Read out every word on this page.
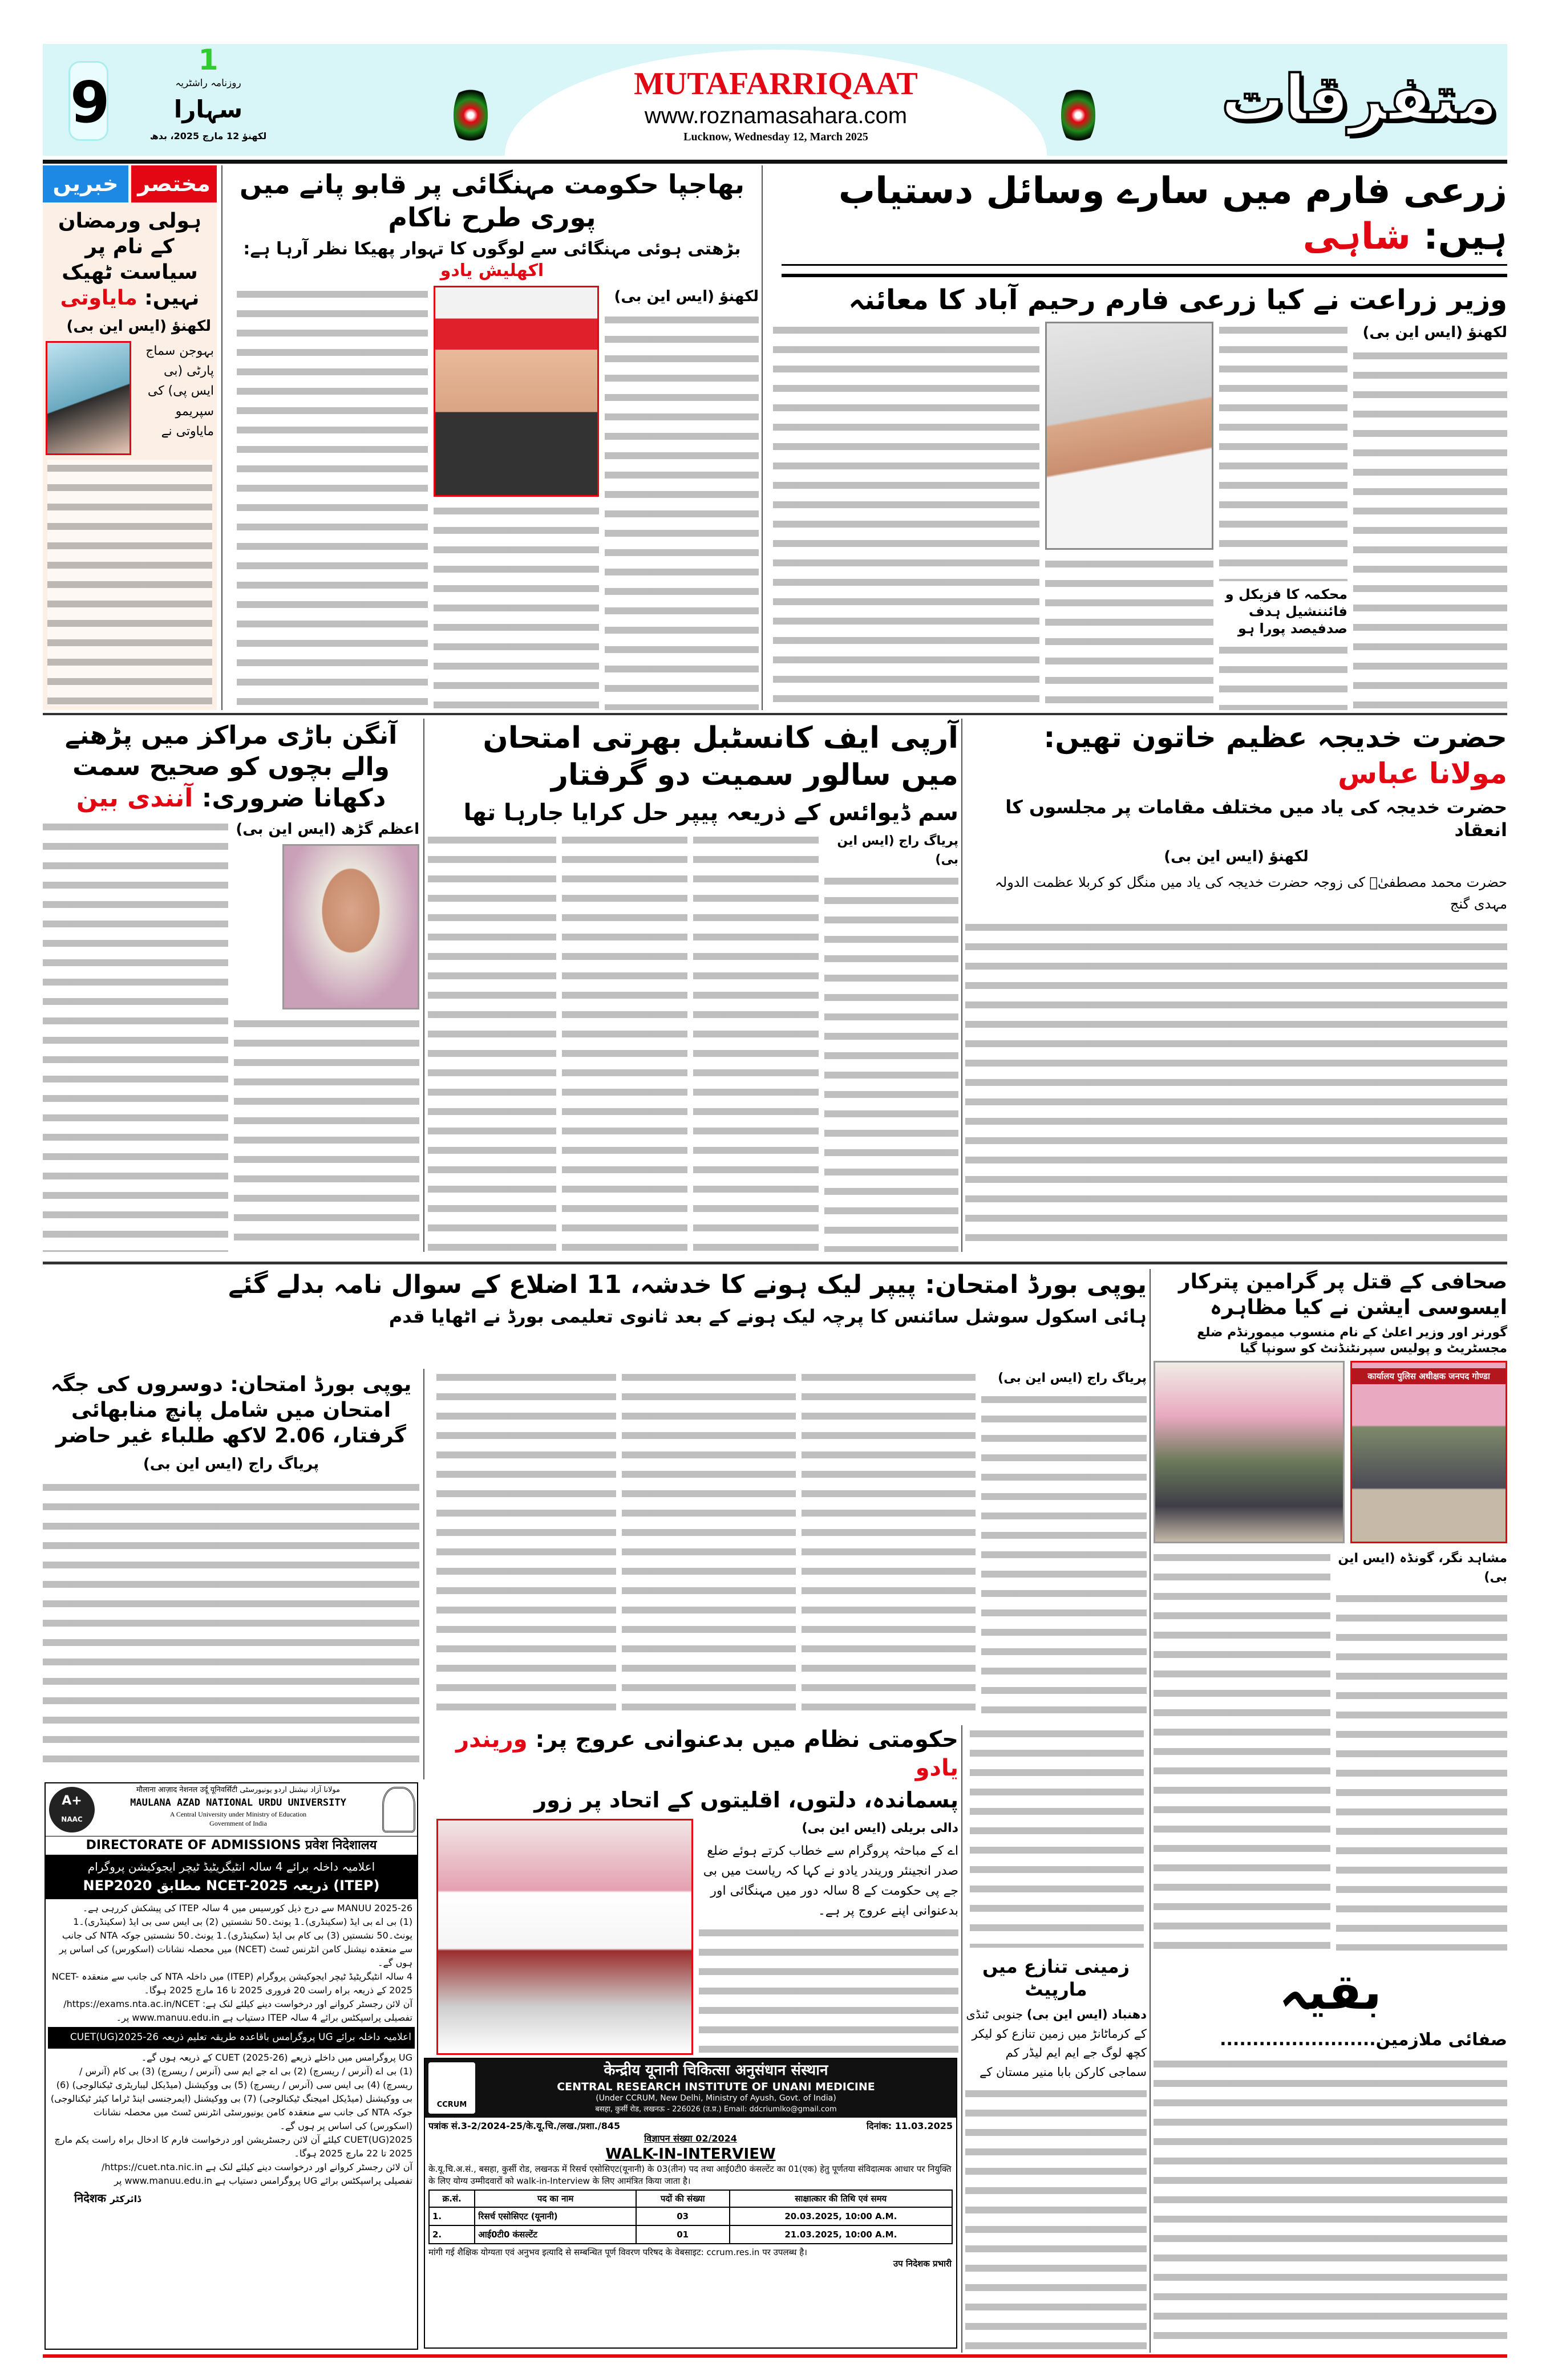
9
1
روزنامہ راشٹریہ
سہارا
لکھنؤ 12 مارچ 2025، بدھ
MUTAFARRIQAAT
www.roznamasahara.com
Lucknow, Wednesday 12, March 2025
متفرقات
خبریں مختصر
ہولی ورمضان کے نام پر سیاست ٹھیک نہیں: مایاوتی
لکھنؤ (ایس این بی)
بہوجن سماج پارٹی (بی ایس پی) کی سپریمو مایاوتی نے
بھاجپا حکومت مہنگائی پر قابو پانے میں پوری طرح ناکام
بڑھتی ہوئی مہنگائی سے لوگوں کا تہوار پھیکا نظر آرہا ہے: اکھلیش یادو
لکھنؤ (ایس این بی)
زرعی فارم میں سارے وسائل دستیاب ہیں: شاہی
وزیر زراعت نے کیا زرعی فارم رحیم آباد کا معائنہ
لکھنؤ (ایس این بی)
محکمہ کا فزیکل و فائننشیل ہدف صدفیصد پورا ہو
آنگن باڑی مراکز میں پڑھنے والے بچوں کو صحیح سمت دکھانا ضروری: آنندی بین
اعظم گڑھ (ایس این بی)
آرپی ایف کانسٹبل بھرتی امتحان میں سالور سمیت دو گرفتار
سم ڈیوائس کے ذریعہ پیپر حل کرایا جارہا تھا
پریاگ راج (ایس این بی)
حضرت خدیجہ عظیم خاتون تھیں: مولانا عباس
حضرت خدیجہ کی یاد میں مختلف مقامات پر مجلسوں کا انعقاد
لکھنؤ (ایس این بی)
حضرت محمد مصطفیٰؐ کی زوجہ حضرت خدیجہ کی یاد میں منگل کو کربلا عظمت الدولہ مہدی گنج
یوپی بورڈ امتحان: پیپر لیک ہونے کا خدشہ، 11 اضلاع کے سوال نامہ بدلے گئے
ہائی اسکول سوشل سائنس کا پرچہ لیک ہونے کے بعد ثانوی تعلیمی بورڈ نے اٹھایا قدم
پریاگ راج (ایس این بی)
یوپی بورڈ امتحان: دوسروں کی جگہ امتحان میں شامل پانچ منابھائی گرفتار، 2.06 لاکھ طلباء غیر حاضر
پریاگ راج (ایس این بی)
صحافی کے قتل پر گرامین پترکار ایسوسی ایشن نے کیا مظاہرہ
گورنر اور وزیر اعلیٰ کے نام منسوب میمورنڈم ضلع مجسٹریٹ و پولیس سپرنٹنڈنٹ کو سونپا گیا
कार्यालय पुलिस अधीक्षक जनपद गोण्डा
مشاہد نگر، گونڈہ (ایس این بی)
حکومتی نظام میں بدعنوانی عروج پر: وریندر یادو
پسماندہ، دلتوں، اقلیتوں کے اتحاد پر زور
دالی بریلی (ایس این بی)
اے کے مباحثہ پروگرام سے خطاب کرتے ہوئے ضلع صدر انجینئر وریندر یادو نے کہا کہ ریاست میں بی جے پی حکومت کے 8 سالہ دور میں مہنگائی اور بدعنوانی اپنے عروج پر ہے۔
CCRUM
केन्द्रीय यूनानी चिकित्सा अनुसंधान संस्थान
CENTRAL RESEARCH INSTITUTE OF UNANI MEDICINE
(Under CCRUM, New Delhi, Ministry of Ayush, Govt. of India)
बसहा, कुर्सी रोड, लखनऊ - 226026 (उ.प्र.) Email: ddcriumlko@gmail.com
पत्रांक सं.3-2/2024-25/के.यू.चि./लख./प्रशा./845	दिनांक: 11.03.2025
विज्ञापन संख्या 02/2024
WALK-IN-INTERVIEW
के.यू.चि.अ.सं., बसहा, कुर्सी रोड, लखनऊ में रिसर्च एसोसिएट(यूनानी) के 03(तीन) पद तथा आई0टी0 कंसल्टेंट का 01(एक) हेतु पूर्णतया संविदात्मक आधार पर नियुक्ति के लिए योग्य उम्मीदवारों को walk-in-Interview के लिए आमंत्रित किया जाता है।
क्र.सं.	पद का नाम	पदों की संख्या	साक्षात्कार की तिथि एवं समय
1.	रिसर्च एसोसिएट (यूनानी)	03	20.03.2025, 10:00 A.M.
2.	आई0टी0 कंसल्टेंट	01	21.03.2025, 10:00 A.M.
मांगी गई शैक्षिक योग्यता एवं अनुभव इत्यादि से सम्बन्धित पूर्ण विवरण परिषद के वेबसाइट: ccrum.res.in पर उपलब्ध है।
उप निदेशक प्रभारी
زمینی تنازع میں مارپیٹ
دھنباد (ایس این بی) جنوبی ٹنڈی کے کرماٹانڑ میں زمین تنازع کو لیکر کچھ لوگ جے ایم ایم لیڈر کم سماجی کارکن بابا منیر مستان کے
بقیہ
صفائی ملازمین........................
A+
NAAC
मौलाना आज़ाद नेशनल उर्दू यूनिवर्सिटी مولانا آزاد نیشنل اردو یونیورسٹی
MAULANA AZAD NATIONAL URDU UNIVERSITY
A Central University under Ministry of Education
Government of India
DIRECTORATE OF ADMISSIONS प्रवेश निदेशालय
اعلامیہ داخلہ برائے 4 سالہ انٹیگریٹیڈ ٹیچر ایجوکیشن پروگرام
(ITEP) ذریعہ NCET-2025 مطابق NEP2020
MANUU 2025-26 سے درج ذیل کورسیس میں 4 سالہ ITEP کی پیشکش کررہی ہے۔
(1) بی اے بی ایڈ (سکینڈری)۔1 یونٹ۔50 نشستیں (2) بی ایس سی بی ایڈ (سکینڈری)۔1 یونٹ۔50 نشستیں (3) بی کام بی ایڈ (سکینڈری)۔1 یونٹ۔50 نشستیں جوکہ NTA کی جانب سے منعقدہ نیشنل کامن انٹرنس ٹسٹ (NCET) میں محصلہ نشانات (اسکورس) کی اساس پر ہوں گے۔
4 سالہ انٹیگریٹیڈ ٹیچر ایجوکیشن پروگرام (ITEP) میں داخلہ NTA کی جانب سے منعقدہ NCET-2025 کے ذریعہ براہ راست 20 فروری 2025 تا 16 مارچ 2025 ہوگا۔
آن لائن رجسٹر کروانے اور درخواست دینے کیلئے لنک ہے: https://exams.nta.ac.in/NCET/
تفصیلی پراسپکٹس برائے 4 سالہ ITEP دستیاب ہے www.manuu.edu.in پر۔
اعلامیہ داخلہ برائے UG پروگرامس باقاعدہ طریقہ تعلیم ذریعہ CUET(UG)2025-26
UG پروگرامس میں داخلے ذریعے CUET (2025-26) کے ذریعہ ہوں گے۔
(1) بی اے (آنرس / ریسرچ) (2) بی اے جے ایم سی (آنرس / ریسرچ) (3) بی کام (آنرس / ریسرچ) (4) بی ایس سی (آنرس / ریسرچ) (5) بی ووکیشنل (میڈیکل لیباریٹری ٹیکنالوجی) (6) بی ووکیشنل (میڈیکل امیجنگ ٹیکنالوجی) (7) بی ووکیشنل (ایمرجنسی اینڈ ٹراما کیئر ٹیکنالوجی) جوکہ NTA کی جانب سے منعقدہ کامن یونیورسٹی انٹرنس ٹسٹ میں محصلہ نشانات (اسکورس) کی اساس پر ہوں گے۔
CUET(UG)2025 کیلئے آن لائن رجسٹریشن اور درخواست فارم کا ادخال براہ راست یکم مارچ 2025 تا 22 مارچ 2025 ہوگا۔
آن لائن رجسٹر کروانے اور درخواست دینے کیلئے لنک ہے https://cuet.nta.nic.in/
تفصیلی پراسپکٹس برائے UG پروگرامس دستیاب ہے www.manuu.edu.in پر
निदेशक ڈائرکٹر
